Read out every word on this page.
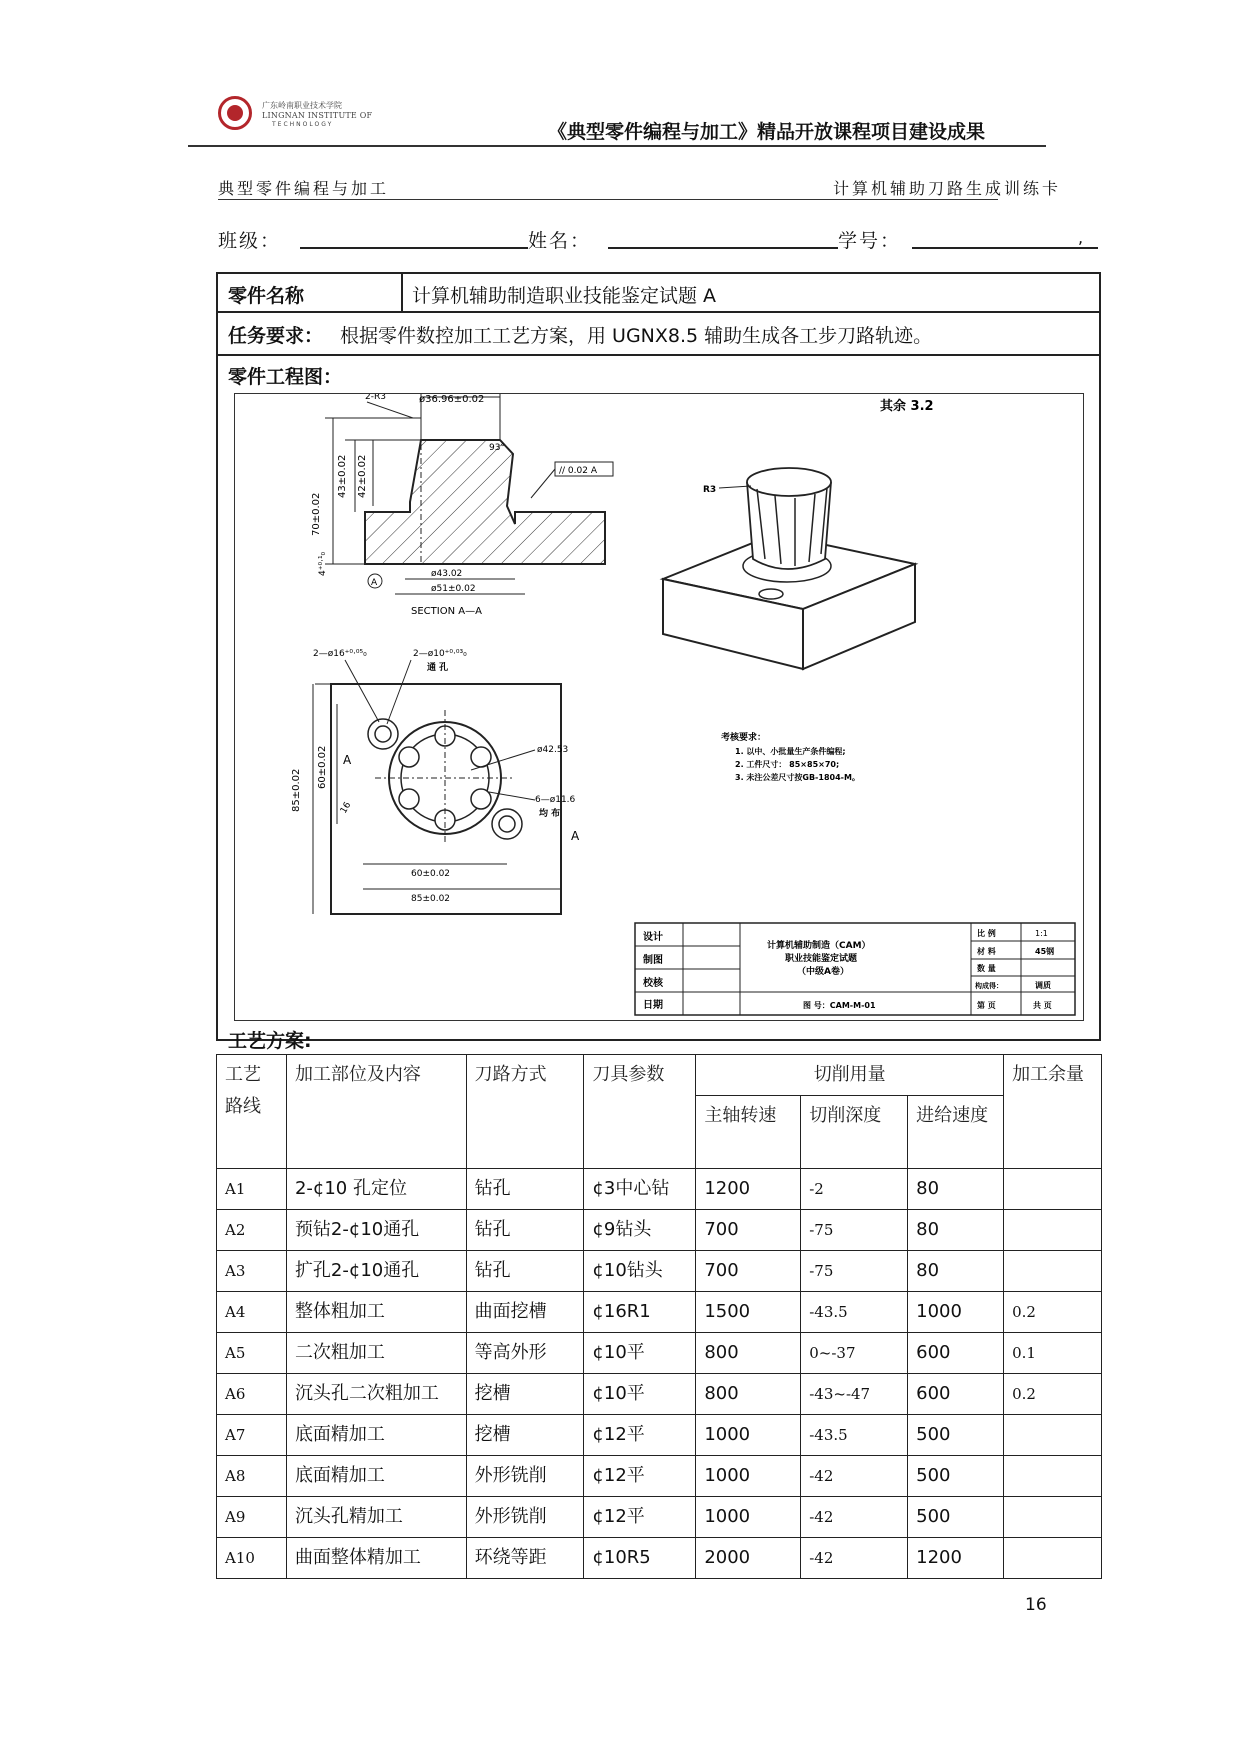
广东岭南职业技术学院
LINGNAN INSTITUTE OF
TECHNOLOGY	《典型零件编程与加工》精品开放课程项目建设成果
典型零件编程与加工	计算机辅助刀路生成训练卡
班级：	姓名：	学号：	,
零件名称	计算机辅助制造职业技能鉴定试题 A
任务要求： 根据零件数控加工工艺方案，用 UGNX8.5 辅助生成各工步刀路轨迹。
零件工程图：
ø36.96±0.02
2-R3
70±0.02
43±0.02 42±0.02
4⁺⁰·¹₀
93°
// 0.02 A
ø43.02
ø51±0.02
A
SECTION A—A
R3
其余 3.2
85±0.02
60±0.02 A
2—ø16⁺⁰·⁰⁵₀	2—ø10⁺⁰·⁰³₀
通 孔
ø42.53
6—ø11.6
均 布
A
16
60±0.02
85±0.02
考核要求：
1. 以中、小批量生产条件编程;
2. 工件尺寸： 85×85×70;
3. 未注公差尺寸按GB-1804-M。
设计
制图
校核
日期
计算机辅助制造（CAM）
职业技能鉴定试题
（中级A卷）
图 号：CAM-M-01
比 例	1:1
材 料	45钢
数 量
构成得：	调质
第 页	共 页
工艺方案:
工艺路线	加工部位及内容	刀路方式	刀具参数	切削用量			加工余量
				主轴转速	切削深度	进给速度	
A1	2-¢10 孔定位	钻孔	¢3中心钻	1200	-2	80	
A2	预钻2-¢10通孔	钻孔	¢9钻头	700	-75	80	
A3	扩孔2-¢10通孔	钻孔	¢10钻头	700	-75	80	
A4	整体粗加工	曲面挖槽	¢16R1	1500	-43.5	1000	0.2
A5	二次粗加工	等高外形	¢10平	800	0~-37	600	0.1
A6	沉头孔二次粗加工	挖槽	¢10平	800	-43~-47	600	0.2
A7	底面精加工	挖槽	¢12平	1000	-43.5	500	
A8	底面精加工	外形铣削	¢12平	1000	-42	500	
A9	沉头孔精加工	外形铣削	¢12平	1000	-42	500	
A10	曲面整体精加工	环绕等距	¢10R5	2000	-42	1200	
16
